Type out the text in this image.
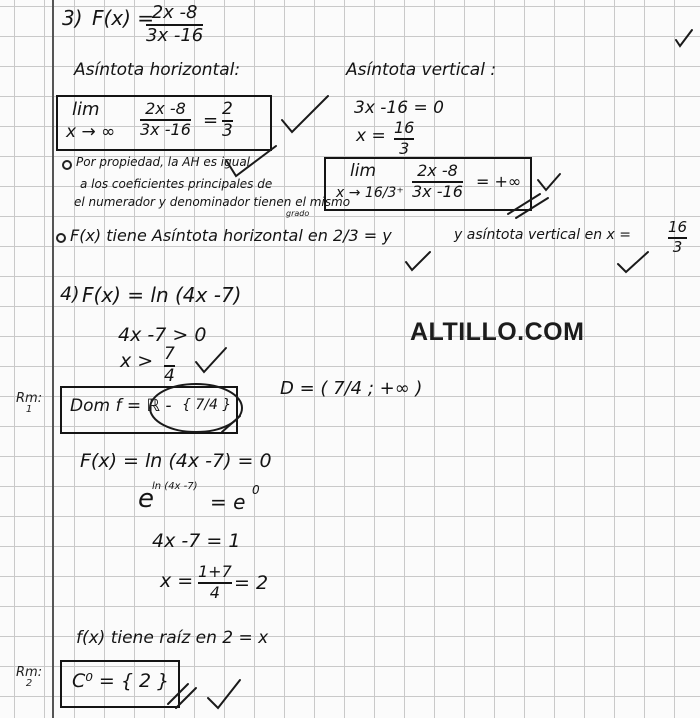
3) F(x) =
2x -8
3x -16
Asíntota horizontal:	Asíntota vertical :
lim
x → ∞
2x -8
3x -16 =
2
3
Por propiedad, la AH es igual
a los coeficientes principales de
el numerador y denominador tienen el mismo
grado
3x -16 = 0
x = 16
3
lim
x → 16/3⁺
2x -8
3x -16
= +∞
F(x) tiene Asíntota horizontal en 2/3 = y	y asíntota vertical en x = 16
3
4) F(x) = ln (4x -7)
4x -7 > 0
x > 7
4
ALTILLO.COM
Rm:
1	Dom f = ℝ - { 7/4 }
D = ( 7/4 ; +∞ )
F(x) = ln (4x -7) = 0
e
ln (4x -7)
= e 0
4x -7 = 1
x = 1+7
4 = 2
f(x) tiene raíz en 2 = x
Rm:
2	C⁰ = { 2 }
